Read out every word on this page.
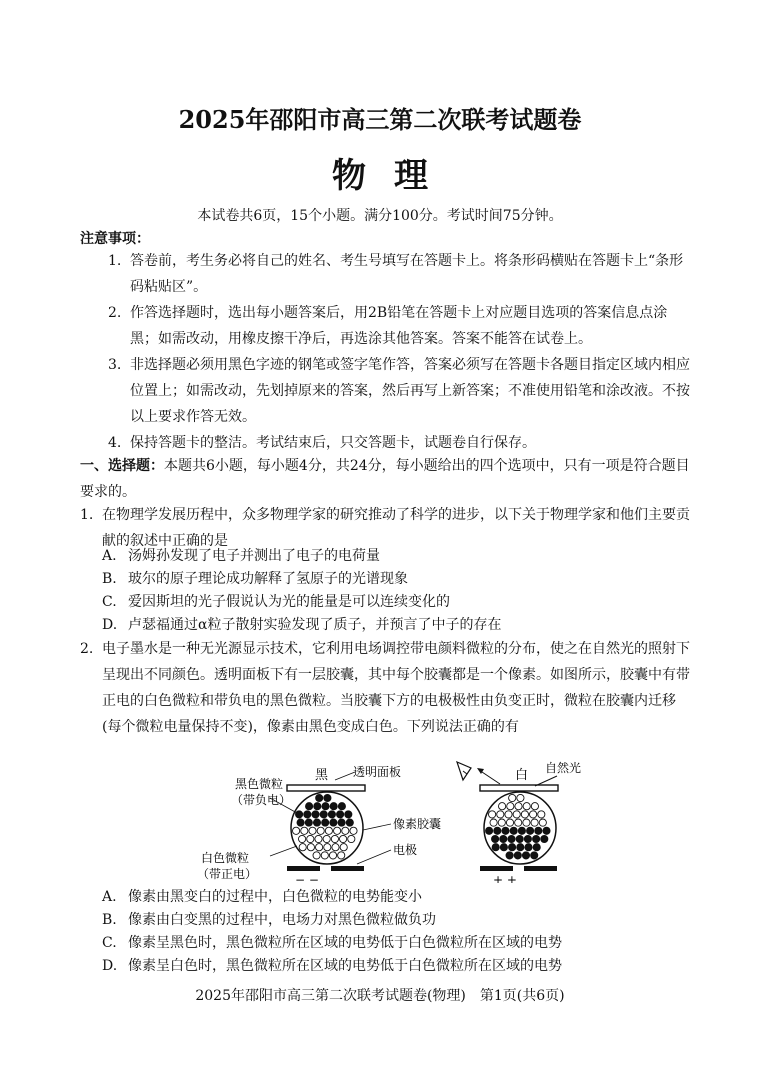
2025年邵阳市高三第二次联考试题卷
物理
本试卷共6页，15个小题。满分100分。考试时间75分钟。
注意事项：
1. 答卷前，考生务必将自己的姓名、考生号填写在答题卡上。将条形码横贴在答题卡上“条形码粘贴区”。
2. 作答选择题时，选出每小题答案后，用2B铅笔在答题卡上对应题目选项的答案信息点涂黑；如需改动，用橡皮擦干净后，再选涂其他答案。答案不能答在试卷上。
3. 非选择题必须用黑色字迹的钢笔或签字笔作答，答案必须写在答题卡各题目指定区域内相应位置上；如需改动，先划掉原来的答案，然后再写上新答案；不准使用铅笔和涂改液。不按以上要求作答无效。
4. 保持答题卡的整洁。考试结束后，只交答题卡，试题卷自行保存。
一、选择题：本题共6小题，每小题4分，共24分，每小题给出的四个选项中，只有一项是符合题目要求的。
1. 在物理学发展历程中，众多物理学家的研究推动了科学的进步，以下关于物理学家和他们主要贡献的叙述中正确的是
A. 汤姆孙发现了电子并测出了电子的电荷量
B. 玻尔的原子理论成功解释了氢原子的光谱现象
C. 爱因斯坦的光子假说认为光的能量是可以连续变化的
D. 卢瑟福通过α粒子散射实验发现了质子，并预言了中子的存在
2. 电子墨水是一种无光源显示技术，它利用电场调控带电颜料微粒的分布，使之在自然光的照射下呈现出不同颜色。透明面板下有一层胶囊，其中每个胶囊都是一个像素。如图所示，胶囊中有带正电的白色微粒和带负电的黑色微粒。当胶囊下方的电极极性由负变正时，微粒在胶囊内迁移(每个微粒电量保持不变)，像素由黑色变成白色。下列说法正确的有
黑色微粒
（带负电）
黑 透明面板
− −
白色微粒
（带正电）
像素胶囊
电极
白 自然光
+ +
A. 像素由黑变白的过程中，白色微粒的电势能变小
B. 像素由白变黑的过程中，电场力对黑色微粒做负功
C. 像素呈黑色时，黑色微粒所在区域的电势低于白色微粒所在区域的电势
D. 像素呈白色时，黑色微粒所在区域的电势低于白色微粒所在区域的电势
2025年邵阳市高三第二次联考试题卷(物理)　第1页(共6页)
